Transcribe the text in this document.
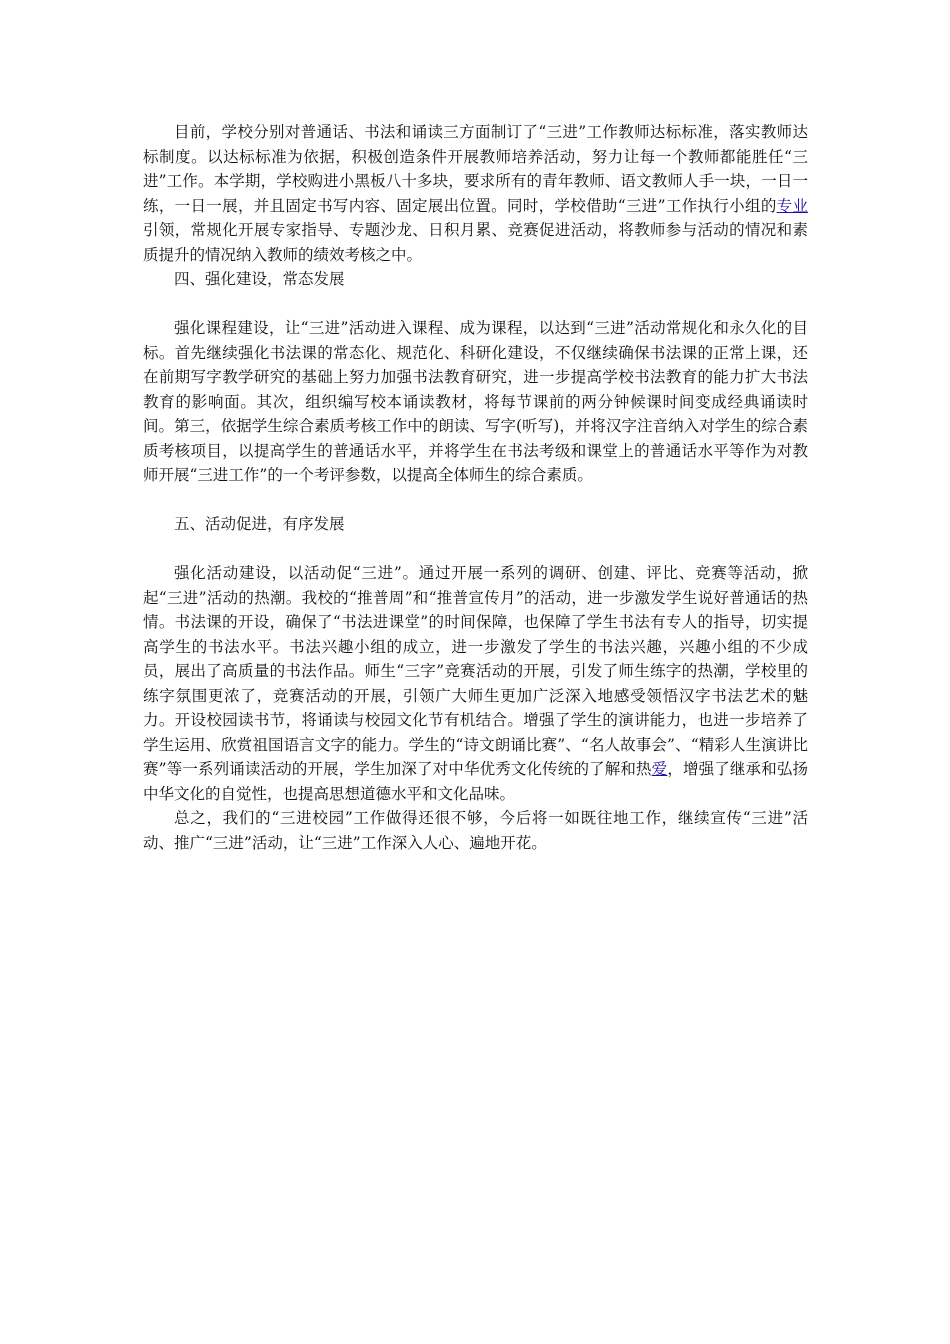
目前，学校分别对普通话、书法和诵读三方面制订了“三进”工作教师达标标准，落实教师达标制度。以达标标准为依据，积极创造条件开展教师培养活动，努力让每一个教师都能胜任“三进”工作。本学期，学校购进小黑板八十多块，要求所有的青年教师、语文教师人手一块，一日一练，一日一展，并且固定书写内容、固定展出位置。同时，学校借助“三进”工作执行小组的专业引领，常规化开展专家指导、专题沙龙、日积月累、竞赛促进活动，将教师参与活动的情况和素质提升的情况纳入教师的绩效考核之中。

四、强化建设，常态发展

强化课程建设，让“三进”活动进入课程、成为课程，以达到“三进”活动常规化和永久化的目标。首先继续强化书法课的常态化、规范化、科研化建设，不仅继续确保书法课的正常上课，还在前期写字教学研究的基础上努力加强书法教育研究，进一步提高学校书法教育的能力扩大书法教育的影响面。其次，组织编写校本诵读教材，将每节课前的两分钟候课时间变成经典诵读时间。第三，依据学生综合素质考核工作中的朗读、写字(听写)，并将汉字注音纳入对学生的综合素质考核项目，以提高学生的普通话水平，并将学生在书法考级和课堂上的普通话水平等作为对教师开展“三进工作”的一个考评参数，以提高全体师生的综合素质。

五、活动促进，有序发展

强化活动建设，以活动促“三进”。通过开展一系列的调研、创建、评比、竞赛等活动，掀起“三进”活动的热潮。我校的“推普周”和“推普宣传月”的活动，进一步激发学生说好普通话的热情。书法课的开设，确保了“书法进课堂”的时间保障，也保障了学生书法有专人的指导，切实提高学生的书法水平。书法兴趣小组的成立，进一步激发了学生的书法兴趣，兴趣小组的不少成员，展出了高质量的书法作品。师生“三字”竞赛活动的开展，引发了师生练字的热潮，学校里的练字氛围更浓了，竞赛活动的开展，引领广大师生更加广泛深入地感受领悟汉字书法艺术的魅力。开设校园读书节，将诵读与校园文化节有机结合。增强了学生的演讲能力，也进一步培养了学生运用、欣赏祖国语言文字的能力。学生的“诗文朗诵比赛”、“名人故事会”、“精彩人生演讲比赛”等一系列诵读活动的开展，学生加深了对中华优秀文化传统的了解和热爱，增强了继承和弘扬中华文化的自觉性，也提高思想道德水平和文化品味。

总之，我们的“三进校园”工作做得还很不够，今后将一如既往地工作，继续宣传“三进”活动、推广“三进”活动，让“三进”工作深入人心、遍地开花。
